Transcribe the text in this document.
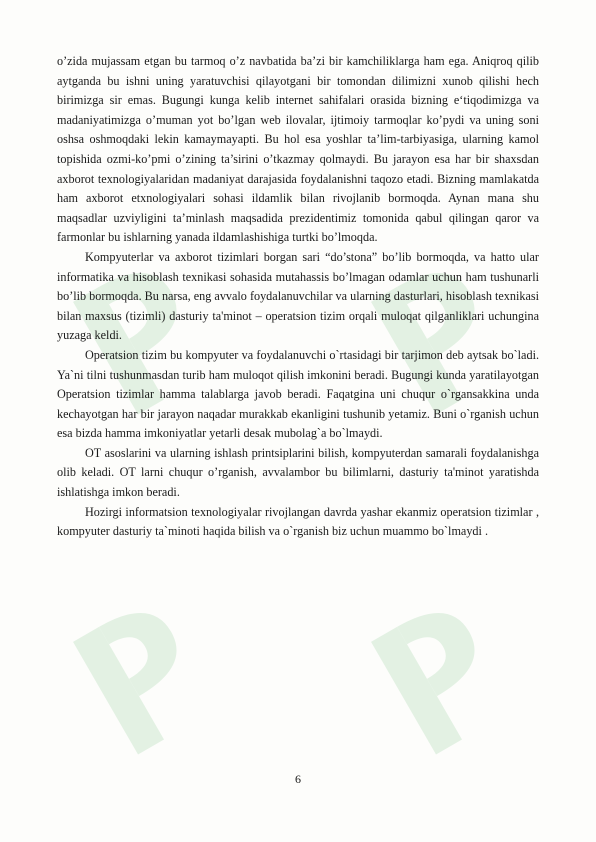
o’zida mujassam etgan bu tarmoq o’z navbatida ba’zi bir kamchiliklarga ham ega. Aniqroq qilib aytganda bu ishni uning yaratuvchisi qilayotgani bir tomondan dilimizni xunob qilishi hech birimizga sir emas. Bugungi kunga kelib internet sahifalari orasida bizning e‘tiqodimizga va madaniyatimizga o’muman yot bo’lgan web ilovalar, ijtimoiy tarmoqlar ko’pydi va uning soni oshsa oshmoqdaki lekin kamaymayapti. Bu hol esa yoshlar ta’lim-tarbiyasiga, ularning kamol topishida ozmi-ko’pmi o’zining ta’sirini o’tkazmay qolmaydi. Bu jarayon esa har bir shaxsdan axborot texnologiyalaridan madaniyat darajasida foydalanishni taqozo etadi. Bizning mamlakatda ham axborot etxnologiyalari sohasi ildamlik bilan rivojlanib bormoqda. Aynan mana shu maqsadlar uzviyligini ta’minlash maqsadida prezidentimiz tomonida qabul qilingan qaror va farmonlar bu ishlarning yanada ildamlashishiga turtki bo’lmoqda.

Kompyuterlar va axborot tizimlari borgan sari “do’stona” bo’lib bormoqda, va hatto ular informatika va hisoblash texnikasi sohasida mutahassis bo’lmagan odamlar uchun ham tushunarli bo’lib bormoqda. Bu narsa, eng avvalo foydalanuvchilar va ularning dasturlari, hisoblash texnikasi bilan maxsus (tizimli) dasturiy ta'minot – operatsion tizim orqali muloqat qilganliklari uchungina yuzaga keldi.

Operatsion tizim bu kompyuter va foydalanuvchi o`rtasidagi bir tarjimon deb aytsak bo`ladi. Ya`ni tilni tushunmasdan turib ham muloqot qilish imkonini beradi. Bugungi kunda yaratilayotgan Operatsion tizimlar hamma talablarga javob beradi. Faqatgina uni chuqur o`rgansakkina unda kechayotgan har bir jarayon naqadar murakkab ekanligini tushunib yetamiz. Buni o`rganish uchun esa bizda hamma imkoniyatlar yetarli desak mubolag`a bo`lmaydi.

OT asoslarini va ularning ishlash printsiplarini bilish, kompyuterdan samarali foydalanishga olib keladi. OT larni chuqur o’rganish, avvalambor bu bilimlarni, dasturiy ta'minot yaratishda ishlatishga imkon beradi.

Hozirgi informatsion texnologiyalar rivojlangan davrda yashar ekanmiz operatsion tizimlar , kompyuter dasturiy ta`minoti haqida bilish va o`rganish biz uchun muammo bo`lmaydi .

6
